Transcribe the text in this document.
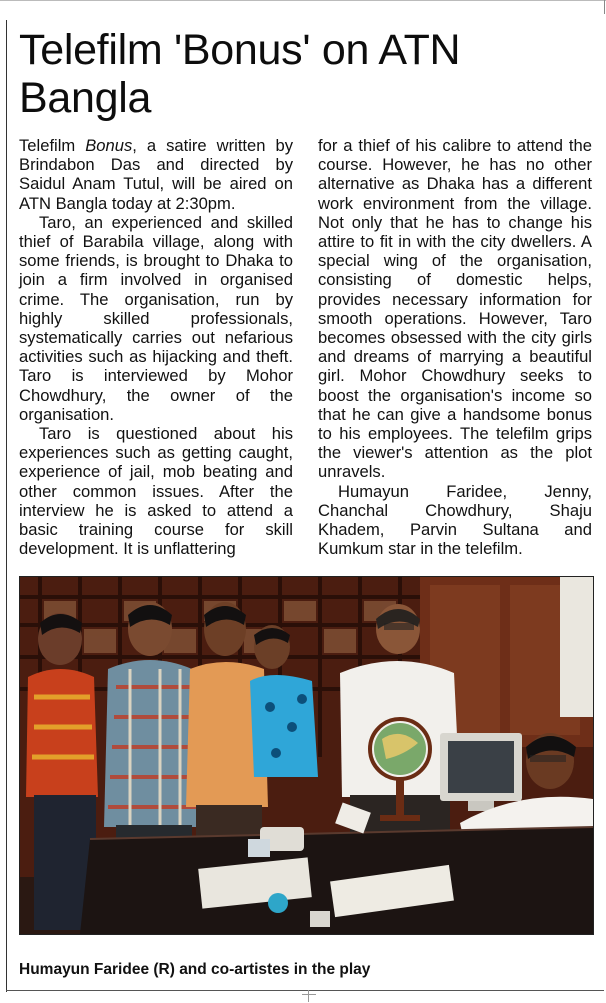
Telefilm 'Bonus' on ATN
Bangla

Telefilm Bonus, a satire written by Brindabon Das and directed by Saidul Anam Tutul, will be aired on ATN Bangla today at 2:30pm.

Taro, an experienced and skilled thief of Barabila village, along with some friends, is brought to Dhaka to join a firm involved in organised crime. The organisation, run by highly skilled professionals, systematically carries out nefarious activities such as hijacking and theft. Taro is interviewed by Mohor Chowdhury, the owner of the organisation.

Taro is questioned about his experiences such as getting caught, experience of jail, mob beating and other common issues. After the interview he is asked to attend a basic training course for skill development. It is unflattering

for a thief of his calibre to attend the course. However, he has no other alternative as Dhaka has a different work environment from the village. Not only that he has to change his attire to fit in with the city dwellers. A special wing of the organisation, consisting of domestic helps, provides necessary information for smooth operations. However, Taro becomes obsessed with the city girls and dreams of marrying a beautiful girl. Mohor Chowdhury seeks to boost the organisation's income so that he can give a handsome bonus to his employees. The telefilm grips the viewer's attention as the plot unravels.

Humayun Faridee, Jenny, Chanchal Chowdhury, Shaju Khadem, Parvin Sultana and Kumkum star in the telefilm.

Humayun Faridee (R) and co-artistes in the play
